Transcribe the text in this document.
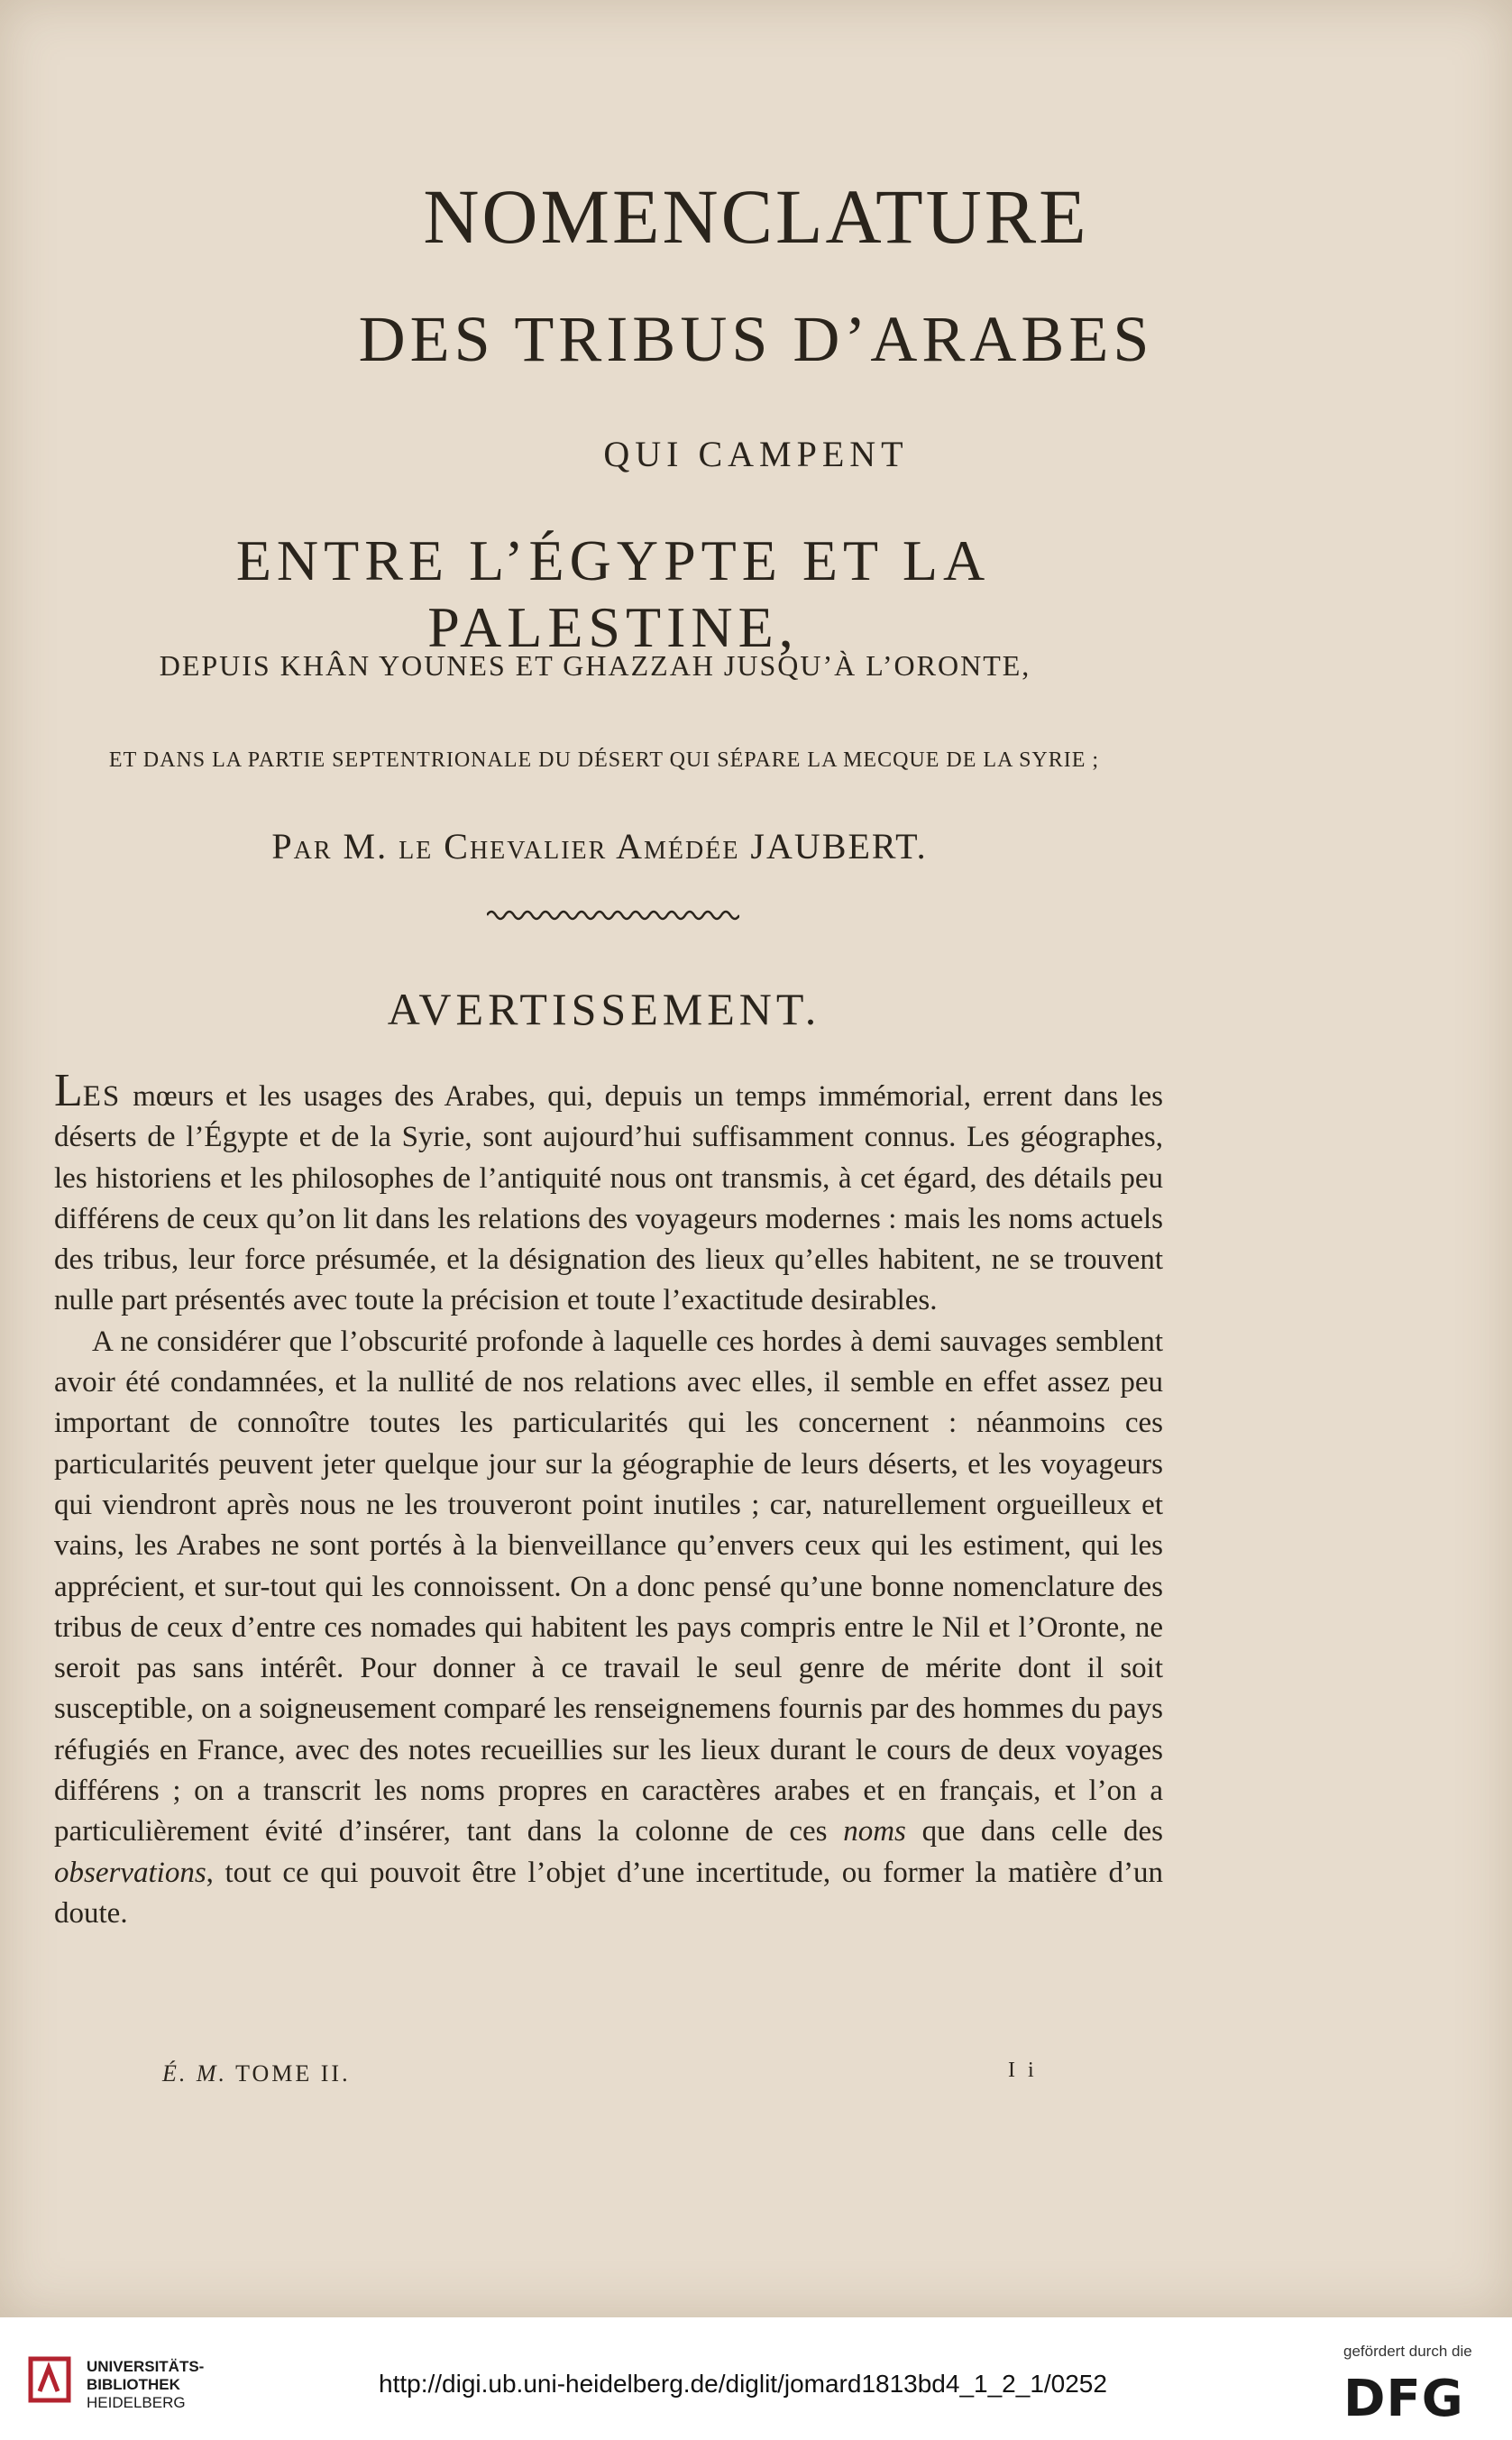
NOMENCLATURE
DES TRIBUS D’ARABES
QUI CAMPENT
ENTRE L’ÉGYPTE ET LA PALESTINE,
DEPUIS KHÂN YOUNES ET GHAZZAH JUSQU’À L’ORONTE,
ET DANS LA PARTIE SEPTENTRIONALE DU DÉSERT QUI SÉPARE LA MECQUE DE LA SYRIE ;
Par M. le Chevalier Amédée JAUBERT.
AVERTISSEMENT.

LES mœurs et les usages des Arabes, qui, depuis un temps immémorial, errent dans les déserts de l’Égypte et de la Syrie, sont aujourd’hui suffisamment connus. Les géographes, les historiens et les philosophes de l’antiquité nous ont transmis, à cet égard, des détails peu différens de ceux qu’on lit dans les relations des voyageurs modernes : mais les noms actuels des tribus, leur force présumée, et la désignation des lieux qu’elles habitent, ne se trouvent nulle part présentés avec toute la précision et toute l’exactitude desirables.

A ne considérer que l’obscurité profonde à laquelle ces hordes à demi sauvages semblent avoir été condamnées, et la nullité de nos relations avec elles, il semble en effet assez peu important de connoître toutes les particularités qui les concernent : néanmoins ces particularités peuvent jeter quelque jour sur la géographie de leurs déserts, et les voyageurs qui viendront après nous ne les trouveront point inutiles ; car, naturellement orgueilleux et vains, les Arabes ne sont portés à la bienveillance qu’envers ceux qui les estiment, qui les apprécient, et sur-tout qui les connoissent. On a donc pensé qu’une bonne nomenclature des tribus de ceux d’entre ces nomades qui habitent les pays compris entre le Nil et l’Oronte, ne seroit pas sans intérêt. Pour donner à ce travail le seul genre de mérite dont il soit susceptible, on a soigneusement comparé les renseignemens fournis par des hommes du pays réfugiés en France, avec des notes recueillies sur les lieux durant le cours de deux voyages différens ; on a transcrit les noms propres en caractères arabes et en français, et l’on a particulièrement évité d’insérer, tant dans la colonne de ces noms que dans celle des observations, tout ce qui pouvoit être l’objet d’une incertitude, ou former la matière d’un doute.

É. M. TOME II.	I i
UNIVERSITÄTS-
BIBLIOTHEK
HEIDELBERG
http://digi.ub.uni-heidelberg.de/diglit/jomard1813bd4_1_2_1/0252
gefördert durch die
DFG
